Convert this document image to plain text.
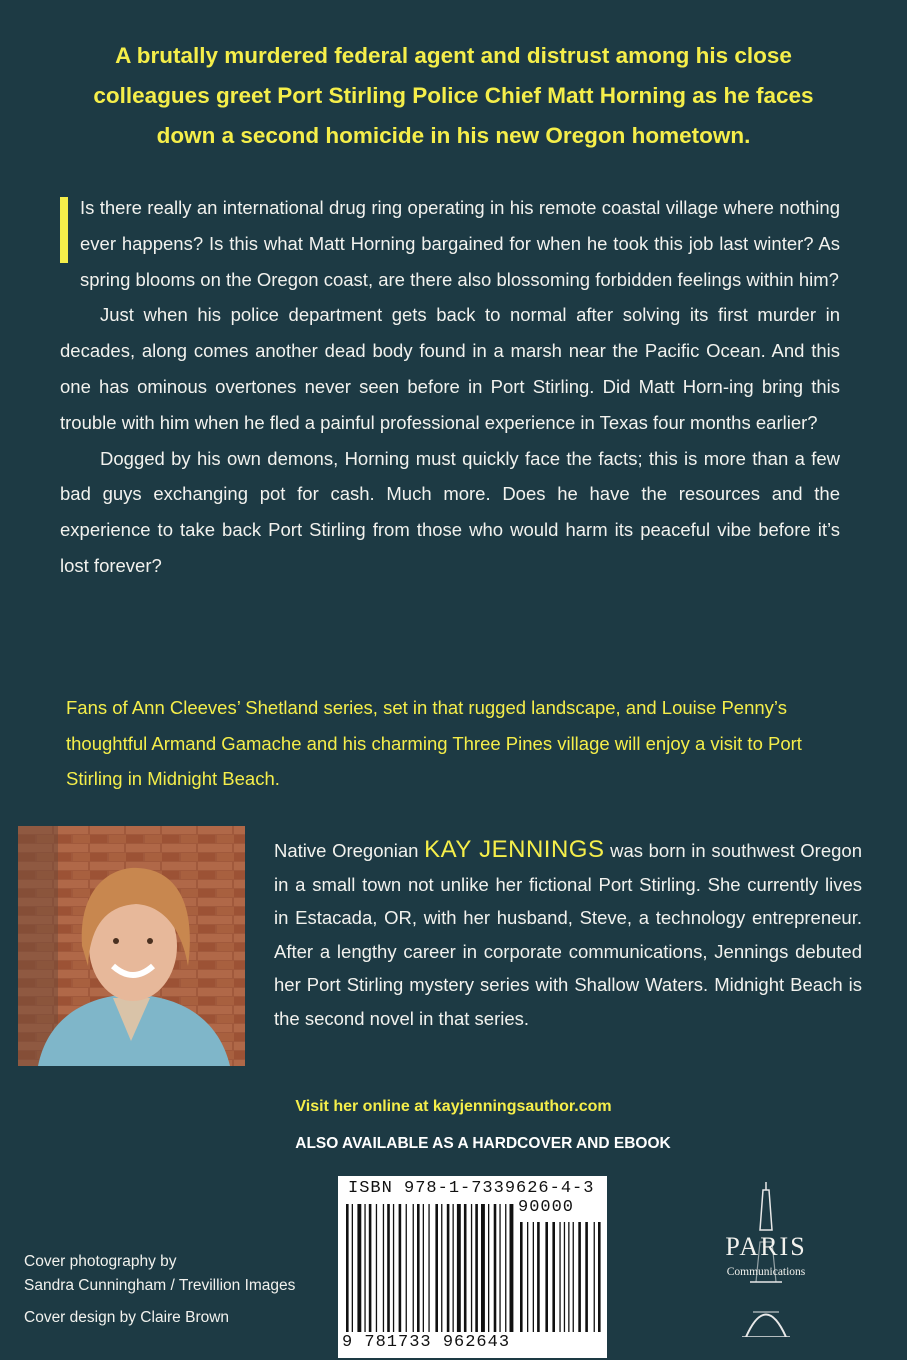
A brutally murdered federal agent and distrust among his close colleagues greet Port Stirling Police Chief Matt Horning as he faces down a second homicide in his new Oregon hometown.

Is there really an international drug ring operating in his remote coastal village where nothing ever happens? Is this what Matt Horning bargained for when he took this job last winter? As spring blooms on the Oregon coast, are there also blossoming forbidden feelings within him?

Just when his police department gets back to normal after solving its first murder in decades, along comes another dead body found in a marsh near the Pacific Ocean. And this one has ominous overtones never seen before in Port Stirling. Did Matt Horn-ing bring this trouble with him when he fled a painful professional experience in Texas four months earlier?

Dogged by his own demons, Horning must quickly face the facts; this is more than a few bad guys exchanging pot for cash. Much more. Does he have the resources and the experience to take back Port Stirling from those who would harm its peaceful vibe before it’s lost forever?

Fans of Ann Cleeves’ Shetland series, set in that rugged landscape, and Louise Penny’s thoughtful Armand Gamache and his charming Three Pines village will enjoy a visit to Port Stirling in Midnight Beach.
Native Oregonian KAY JENNINGS was born in southwest Oregon in a small town not unlike her fictional Port Stirling. She currently lives in Estacada, OR, with her husband, Steve, a technology entrepreneur. After a lengthy career in corporate communications, Jennings debuted her Port Stirling mystery series with Shallow Waters. Midnight Beach is the second novel in that series.
Visit her online at kayjenningsauthor.com
ALSO AVAILABLE AS A HARDCOVER AND EBOOK
ISBN 978-1-7339626-4-3
90000
9 781733 962643
Cover photography by
Sandra Cunningham / Trevillion Images
Cover design by Claire Brown
PARIS
Communications
